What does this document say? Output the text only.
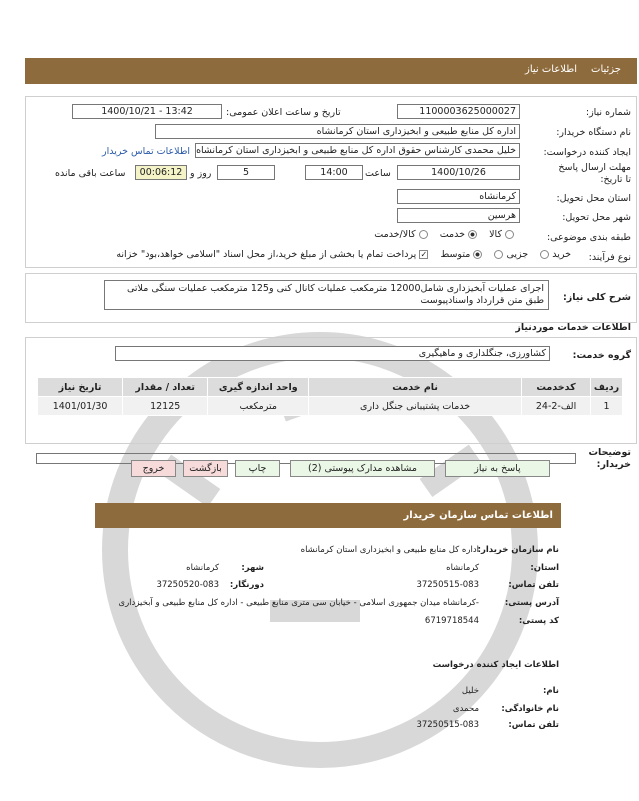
جزئیات
اطلاعات نیاز
شماره نیاز:
1100003625000027
تاریخ و ساعت اعلان عمومی:
1400/10/21 - 13:42
نام دستگاه خریدار:
اداره کل منابع طبیعی و ابخیزداری استان کرمانشاه
ایجاد کننده درخواست:
خلیل محمدی کارشناس حقوق اداره کل منابع طبیعی و ابخیزداری استان کرمانشاه
اطلاعات تماس خریدار
مهلت ارسال پاسخ تا تاریخ:
1400/10/26
ساعت
14:00
5
روز و
00:06:12
ساعت باقی مانده
استان محل تحویل:
کرمانشاه
شهر محل تحویل:
هرسین
طبقه بندی موضوعی:
کالا     خدمت     کالا/خدمت
نوع فرآیند:
خرید     جزیی      متوسط    ✓ پرداخت تمام یا بخشی از مبلغ خرید،از محل اسناد "اسلامی خواهد،بود" خزانه
شرح کلی نیاز:
اجرای عملیات آبخیزداری شامل12000 مترمکعب عملیات کانال کنی و125 مترمکعب عملیات سنگی ملاتی طبق متن قرارداد واسنادپیوست
اطلاعات خدمات موردنیاز
گروه خدمت:
کشاورزی، جنگلداری و ماهیگیری
ردیف	کدخدمت	نام خدمت	واحد اندازه گیری	تعداد / مقدار	تاریخ نیاز
1	الف-2-24	خدمات پشتیبانی جنگل داری	مترمکعب	12125	1401/01/30
توضیحات خریدار:
پاسخ به نیاز
مشاهده مدارک پیوستی (2)
چاپ
بازگشت
خروج
اطلاعات تماس سازمان خریدار
نام سازمان خریدار:
اداره کل منابع طبیعی و ابخیزداری استان کرمانشاه
استان:
کرمانشاه
شهر:
کرمانشاه
تلفن تماس:
37250515-083
دورنگار:
37250520-083
آدرس پستی:
-کرمانشاه میدان جمهوری اسلامی - خیابان سی متری منابع طبیعی - اداره کل منابع طبیعی و آبخیزداری
کد پستی:
6719718544
اطلاعات ایجاد کننده درخواست
نام:
خلیل
نام خانوادگی:
محمدی
تلفن تماس:
37250515-083
